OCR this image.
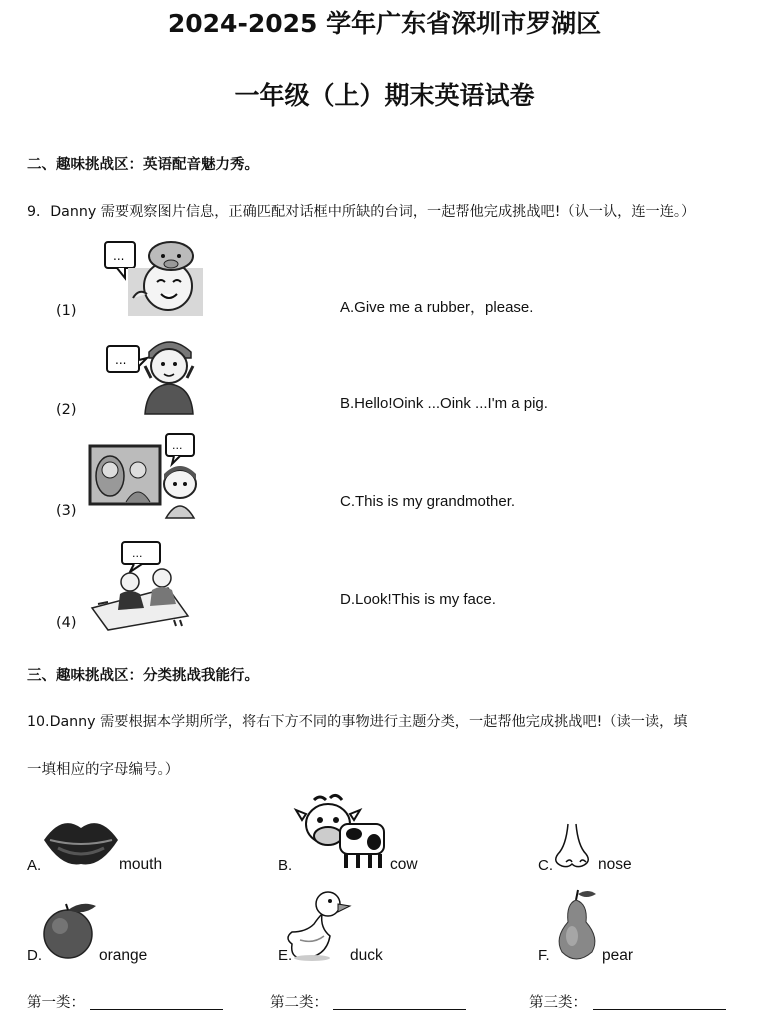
2024-2025 学年广东省深圳市罗湖区
一年级（上）期末英语试卷
二、趣味挑战区：英语配音魅力秀。
9．Danny 需要观察图片信息，正确匹配对话框中所缺的台词，一起帮他完成挑战吧!（认一认，连一连。）
...
(1)
...
(2)
...
(3)
...
(4)
A.Give me a rubber，please.
B.Hello!Oink ...Oink ...I'm a pig.
C.This is my grandmother.
D.Look!This is my face.
三、趣味挑战区：分类挑战我能行。
10.Danny 需要根据本学期所学，将右下方不同的事物进行主题分类，一起帮他完成挑战吧!（读一读，填
一填相应的字母编号。）
A.	mouth	B.	cow	C.	nose
D.	orange	E.	duck	F.	pear
第一类：	第二类：	第三类：
